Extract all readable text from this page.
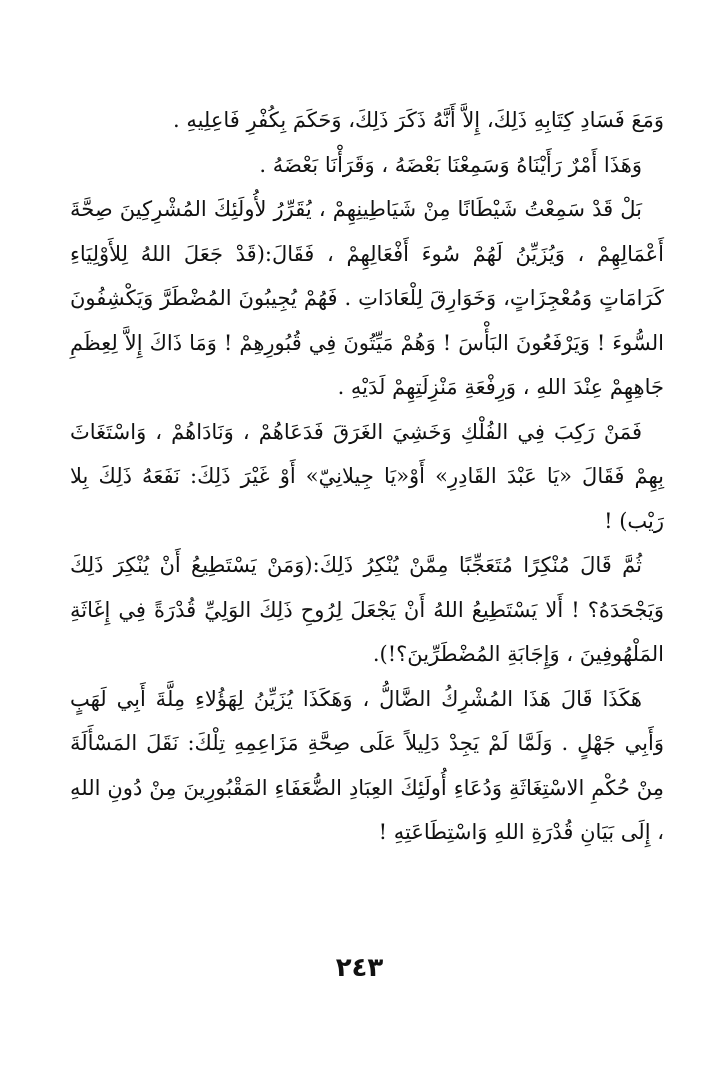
وَمَعَ فَسَادِ كِتَابِهِ ذَلِكَ، إِلاَّ أَنَّهُ ذَكَرَ ذَلِكَ، وَحَكَمَ بِكُفْرِ فَاعِلِيهِ .

وَهَذَا أَمْرٌ رَأَيْنَاهُ وَسَمِعْنَا بَعْضَهُ ، وَقَرَأْنَا بَعْضَهُ .

بَلْ قَدْ سَمِعْتُ شَيْطَانًا مِنْ شَيَاطِينِهِمْ ، يُقَرِّرُ لأُولَئِكَ المُشْرِكِينَ صِحَّةَ أَعْمَالِهِمْ ، وَيُزَيِّنُ لَهُمْ سُوءَ أَفْعَالِهِمْ ، فَقَالَ:(قَدْ جَعَلَ اللهُ لِلأَوْلِيَاءِ كَرَامَاتٍ وَمُعْجِزَاتٍ، وَخَوَارِقَ لِلْعَادَاتِ . فَهُمْ يُجِيبُونَ المُضْطَرَّ وَيَكْشِفُونَ السُّوءَ ! وَيَرْفَعُونَ البَأْسَ ! وَهُمْ مَيِّتُونَ فِي قُبُورِهِمْ ! وَمَا ذَاكَ إِلاَّ لِعِظَمِ جَاهِهِمْ عِنْدَ اللهِ ، وَرِفْعَةِ مَنْزِلَتِهِمْ لَدَيْهِ .

فَمَنْ رَكِبَ فِي الفُلْكِ وَخَشِيَ الغَرَقَ فَدَعَاهُمْ ، وَنَادَاهُمْ ، وَاسْتَغَاثَ بِهِمْ فَقَالَ «يَا عَبْدَ القَادِرِ» أَوْ«يَا جِيلانِيّ» أَوْ غَيْرَ ذَلِكَ: نَفَعَهُ ذَلِكَ بِلا رَيْب) !

ثُمَّ قَالَ مُنْكِرًا مُتَعَجِّبًا مِمَّنْ يُنْكِرُ ذَلِكَ:(وَمَنْ يَسْتَطِيعُ أَنْ يُنْكِرَ ذَلِكَ وَيَجْحَدَهُ؟ ! أَلا يَسْتَطِيعُ اللهُ أَنْ يَجْعَلَ لِرُوحِ ذَلِكَ الوَلِيِّ قُدْرَةً فِي إِغَاثَةِ المَلْهُوفِينَ ، وَإِجَابَةِ المُضْطَرِّينَ؟!).

هَكَذَا قَالَ هَذَا المُشْرِكُ الضَّالُّ ، وَهَكَذَا يُزَيِّنُ لِهَؤُلاءِ مِلَّةَ أَبِي لَهَبٍ وَأَبِي جَهْلٍ . وَلَمَّا لَمْ يَجِدْ دَلِيلاً عَلَى صِحَّةِ مَزَاعِمِهِ تِلْكَ: نَقَلَ المَسْأَلَةَ مِنْ حُكْمِ الاسْتِغَاثَةِ وَدُعَاءِ أُولَئِكَ العِبَادِ الضُّعَفَاءِ المَقْبُورِينَ مِنْ دُونِ اللهِ ، إِلَى بَيَانِ قُدْرَةِ اللهِ وَاسْتِطَاعَتِهِ !

٢٤٣
